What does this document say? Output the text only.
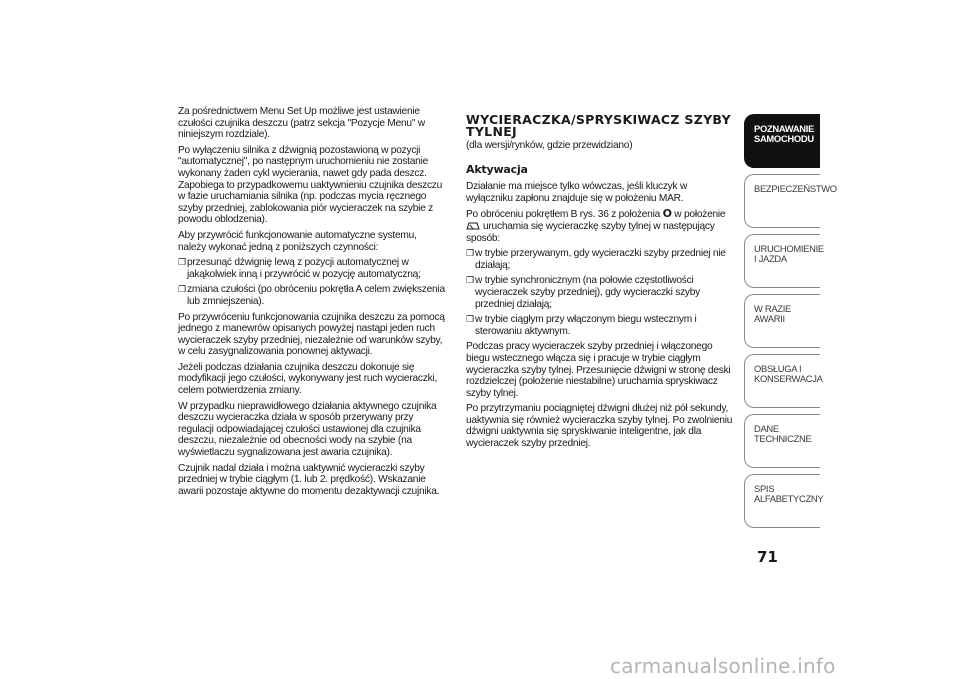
Za pośrednictwem Menu Set Up możliwe jest ustawienie czułości czujnika deszczu (patrz sekcja "Pozycje Menu" w niniejszym rozdziale).

Po wyłączeniu silnika z dźwignią pozostawioną w pozycji "automatycznej", po następnym uruchomieniu nie zostanie wykonany żaden cykl wycierania, nawet gdy pada deszcz. Zapobiega to przypadkowemu uaktywnieniu czujnika deszczu w fazie uruchamiania silnika (np. podczas mycia ręcznego szyby przedniej, zablokowania piór wycieraczek na szybie z powodu oblodzenia).

Aby przywrócić funkcjonowanie automatyczne systemu, należy wykonać jedną z poniższych czynności:

❐ przesunąć dźwignię lewą z pozycji automatycznej w jakąkolwiek inną i przywrócić w pozycję automatyczną;
❐ zmiana czułości (po obróceniu pokrętła A celem zwiększenia lub zmniejszenia).

Po przywróceniu funkcjonowania czujnika deszczu za pomocą jednego z manewrów opisanych powyżej nastąpi jeden ruch wycieraczek szyby przedniej, niezależnie od warunków szyby, w celu zasygnalizowania ponownej aktywacji.

Jeżeli podczas działania czujnika deszczu dokonuje się modyfikacji jego czułości, wykonywany jest ruch wycieraczki, celem potwierdzenia zmiany.

W przypadku nieprawidłowego działania aktywnego czujnika deszczu wycieraczka działa w sposób przerywany przy regulacji odpowiadającej czułości ustawionej dla czujnika deszczu, niezależnie od obecności wody na szybie (na wyświetlaczu sygnalizowana jest awaria czujnika).

Czujnik nadal działa i można uaktywnić wycieraczki szyby przedniej w trybie ciągłym (1. lub 2. prędkość). Wskazanie awarii pozostaje aktywne do momentu dezaktywacji czujnika.

WYCIERACZKA/SPRYSKIWACZ SZYBY TYLNEJ

(dla wersji/rynków, gdzie przewidziano)

Aktywacja

Działanie ma miejsce tylko wówczas, jeśli kluczyk w wyłączniku zapłonu znajduje się w położeniu MAR.

Po obróceniu pokrętłem B rys. 36 z położenia O w położenie
uruchamia się wycieraczkę szyby tylnej w następujący sposób:

❐ w trybie przerywanym, gdy wycieraczki szyby przedniej nie działają;
❐ w trybie synchronicznym (na połowie częstotliwości wycieraczek szyby przedniej), gdy wycieraczki szyby przedniej działają;
❐ w trybie ciągłym przy włączonym biegu wstecznym i sterowaniu aktywnym.

Podczas pracy wycieraczek szyby przedniej i włączonego biegu wstecznego włącza się i pracuje w trybie ciągłym wycieraczka szyby tylnej. Przesunięcie dźwigni w stronę deski rozdzielczej (położenie niestabilne) uruchamia spryskiwacz szyby tylnej.

Po przytrzymaniu pociągniętej dźwigni dłużej niż pół sekundy, uaktywnia się również wycieraczka szyby tylnej. Po zwolnieniu dźwigni uaktywnia się spryskiwanie inteligentne, jak dla wycieraczek szyby przedniej.

POZNAWANIE SAMOCHODU
BEZPIECZEŃSTWO
URUCHOMIENIE I JAZDA
W RAZIE AWARII
OBSŁUGA I KONSERWACJA
DANE TECHNICZNE
SPIS ALFABETYCZNY
71
carmanualsonline.info
